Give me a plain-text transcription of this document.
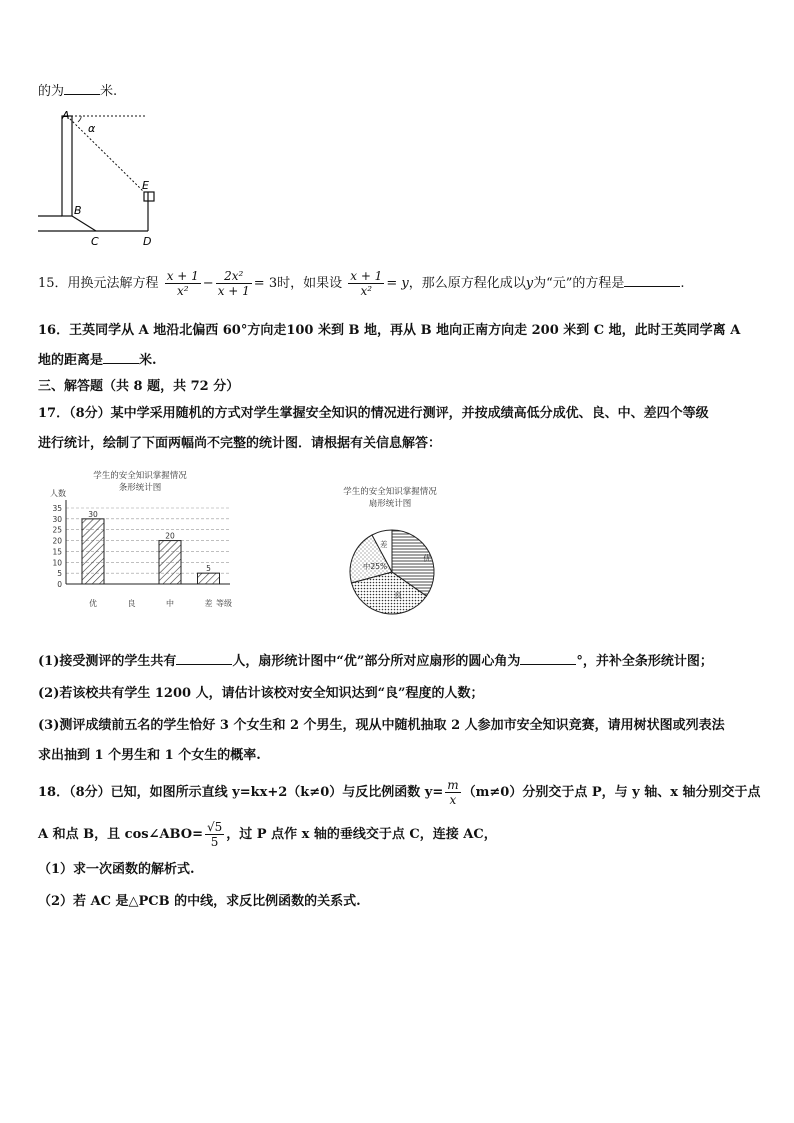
的为	米.
A
α
B
C	D
E
15．用换元法解方程 $\frac{x + 1}{\text{x²}} - \frac{\text{2x²}}{x + 1} = 3$时，如果设 $\frac{x + 1}{\text{x²}} = y$，那么原方程化成以y为“元”的方程是	.
16．王英同学从 A 地沿北偏西 60°方向走100 米到 B 地，再从 B 地向正南方向走 200 米到 C 地，此时王英同学离 A
地的距离是	米.
三、解答题（共 8 题，共 72 分）
17．（8分）某中学采用随机的方式对学生掌握安全知识的情况进行测评，并按成绩高低分成优、良、中、差四个等级
进行统计，绘制了下面两幅尚不完整的统计图．请根据有关信息解答：
0
5
10
15
20
25
30
35
30
优	良
20
中
5
差
学生的安全知识掌握情况
条形统计图
人数
等级
学生的安全知识掌握情况
扇形统计图
优
良
中25%
差
(1)接受测评的学生共有	人，扇形统计图中“优”部分所对应扇形的圆心角为	°，并补全条形统计图；
(2)若该校共有学生 1200 人，请估计该校对安全知识达到“良”程度的人数；
(3)测评成绩前五名的学生恰好 3 个女生和 2 个男生，现从中随机抽取 2 人参加市安全知识竞赛，请用树状图或列表法
求出抽到 1 个男生和 1 个女生的概率.
18．（8分）已知，如图所示直线 y=kx+2（k≠0）与反比例函数 $y= \frac{m}{x} (m\ne 0)$分别交于点 P，与 y 轴、x 轴分别交于点
A 和点 B，且 cos∠ABO= $\frac{√5}{5}$ ，过 P 点作 x 轴的垂线交于点 C，连接 AC，
（1）求一次函数的解析式.
（2）若 AC 是△PCB 的中线，求反比例函数的关系式.
